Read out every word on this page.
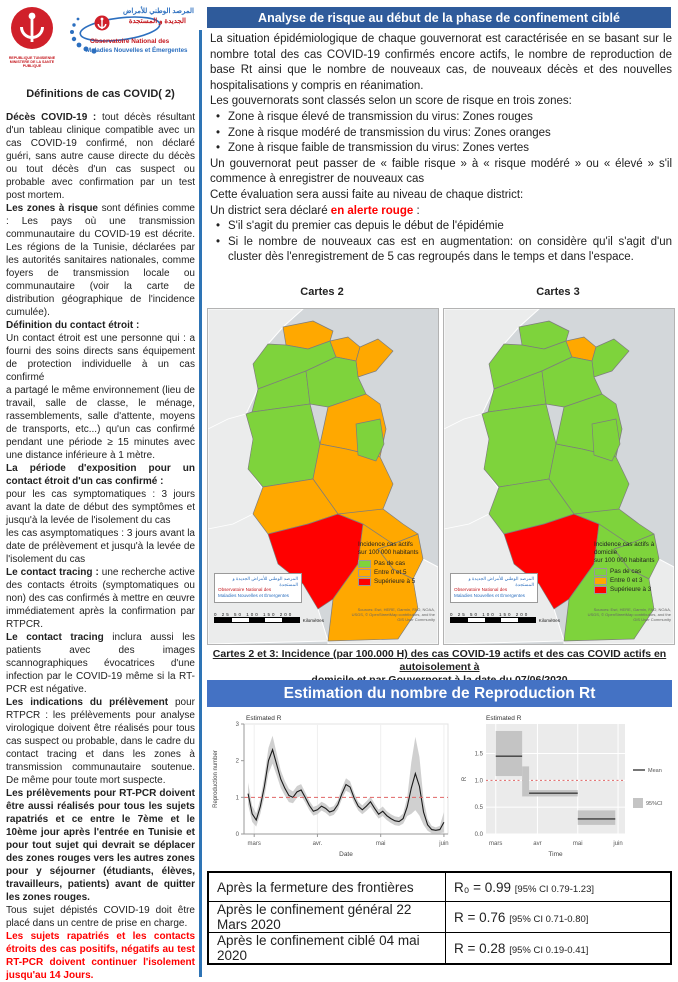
REPUBLIQUE TUNISIENNE
MINISTERE DE LA SANTE PUBLIQUE
المرصد الوطني للأمراض
الجديدة و المستجدة
Observatoire National des
Maladies Nouvelles et Émergentes
Analyse de risque au début de la phase de confinement ciblé
Définitions de cas COVID( 2)

Décès COVID-19 : tout décès résultant d'un tableau clinique compatible avec un cas COVID-19 confirmé, non déclaré guéri, sans autre cause directe du décès ou tout décès d'un cas suspect ou probable avec confirmation par un test post mortem.

Les zones à risque sont définies comme : Les pays où une transmission communautaire du COVID-19 est décrite. Les régions de la Tunisie, déclarées par les autorités sanitaires nationales, comme foyers de transmission locale ou communautaire (voir la carte de distribution géographique de l'incidence cumulée).

Définition du contact étroit :

Un contact étroit est une personne qui : a fourni des soins directs sans équipement de protection individuelle à un cas confirmé

a partagé le même environnement (lieu de travail, salle de classe, le ménage, rassemblements, salle d'attente, moyens de transports, etc...) qu'un cas confirmé pendant une période ≥ 15 minutes avec une distance inférieure à 1 mètre.

La période d'exposition pour un contact étroit d'un cas confirmé :

pour les cas symptomatiques : 3 jours avant la date de début des symptômes et jusqu'à la levée de l'isolement du cas

les cas asymptomatiques : 3 jours avant la date de prélèvement et jusqu'à la levée de l'isolement du cas

Le contact tracing : une recherche active des contacts étroits (symptomatiques ou non) des cas confirmés à mettre en œuvre immédiatement après la confirmation par RTPCR.

Le contact tracing inclura aussi les patients avec des images scannographiques évocatrices d'une infection par le COVID-19 même si la RT-PCR est négative.

Les indications du prélèvement pour RTPCR : les prélèvements pour analyse virologique doivent être réalisés pour tous cas suspect ou probable, dans le cadre du contact tracing et dans les zones à transmission communautaire soutenue. De même pour toute mort suspecte.

Les prélèvements pour RT-PCR doivent être aussi réalisés pour tous les sujets rapatriés et ce entre le 7ème et le 10ème jour après l'entrée en Tunisie et pour tout sujet qui devrait se déplacer des zones rouges vers les autres zones pour y séjourner (étudiants, élèves, travailleurs, patients) avant de quitter les zones rouges.

Tous sujet dépistés COVID-19 doit être placé dans un centre de prise en charge.

Les sujets rapatriés et les contacts étroits des cas positifs, négatifs au test RT-PCR doivent continuer l'isolement jusqu'au 14 Jours.

La situation épidémiologique de chaque gouvernorat est caractérisée en se basant sur le nombre total des cas COVID-19 confirmés encore actifs, le nombre de reproduction de base Rt ainsi que le nombre de nouveaux cas, de nouveaux décès et des nouvelles hospitalisations y compris en réanimation.

Les gouvernorats sont classés selon un score de risque en trois zones:

• Zone à risque élevé de transmission du virus: Zones rouges
• Zone à risque modéré de transmission du virus: Zones oranges
• Zone à risque faible de transmission du virus: Zones vertes

Un gouvernorat peut passer de « faible risque » à « risque modéré » ou « élevé » s'il commence à enregistrer de nouveaux cas

Cette évaluation sera aussi faite au niveau de chaque district:

Un district sera déclaré en alerte rouge :

• S'il s'agit du premier cas depuis le début de l'épidémie
• Si le nombre de nouveaux cas est en augmentation: on considère qu'il s'agit d'un cluster dès l'enregistrement de 5 cas regroupés dans le temps et dans l'espace.
Cartes 2
Incidence cas actifs
sur 100 000 habitants
Pas de cas
Entre 0 et 5
Supérieure à 5
المرصد الوطني للأمراض الجديدة و المستجدة
Observatoire National des
Maladies Nouvelles et Émergentes
0 25 50 100 150 200
Kilomètres
Sources: Esri, HERE, Garmin, FAO, NOAA, USGS, © OpenStreetMap contributors, and the GIS User Community
Cartes 3
Incidence cas actifs à domicile
sur 100 000 habitants
Pas de cas
Entre 0 et 3
Supérieure à 3
المرصد الوطني للأمراض الجديدة و المستجدة
Observatoire National des
Maladies Nouvelles et Émergentes
0 25 50 100 150 200
Kilomètres
Sources: Esri, HERE, Garmin, FAO, NOAA, USGS, © OpenStreetMap contributors, and the GIS User Community
Cartes 2 et 3: Incidence (par 100.000 H) des cas COVID-19 actifs et des cas COVID actifs en autoisolement à
Estimation du nombre de Reproduction Rt
0
1
2
3
mars	avr.	mai	juin
Date
Reproduction number
Estimated R
0.0
0.5
1.0
1.5
mars	avr	mai	juin
Time
R
Estimated R
Mean
95%CI
Après la fermeture des frontières	R₀ = 0.99 [95% CI 0.79-1.23]
Après le confinement général 22 Mars 2020	R = 0.76 [95% CI 0.71-0.80]
Après le confinement ciblé 04 mai 2020	R = 0.28 [95% CI 0.19-0.41]
